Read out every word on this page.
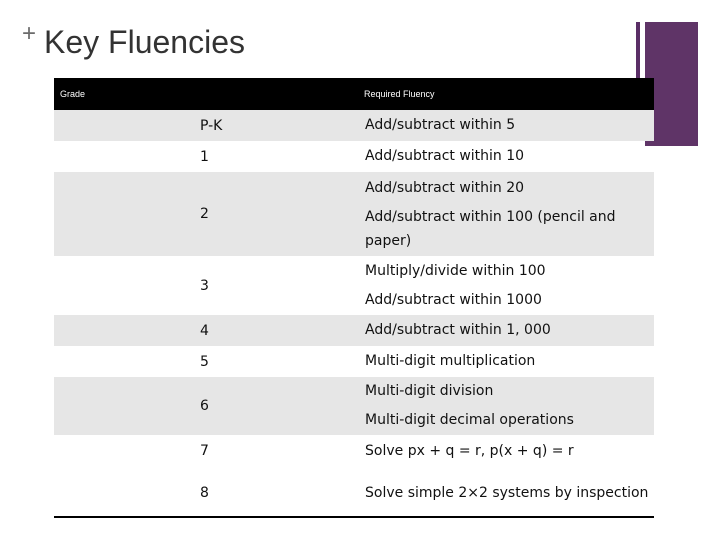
+ Key Fluencies
Grade	Required Fluency
P-K	Add/subtract within 5

1	Add/subtract within 10

2	Add/subtract within 20
Add/subtract within 100 (pencil and paper)

3	Multiply/divide within 100
Add/subtract within 1000

4	Add/subtract within 1, 000

5	Multi-digit multiplication

6	Multi-digit division
Multi-digit decimal operations

7	Solve px + q = r, p(x + q) = r

8	Solve simple 2×2 systems by inspection
